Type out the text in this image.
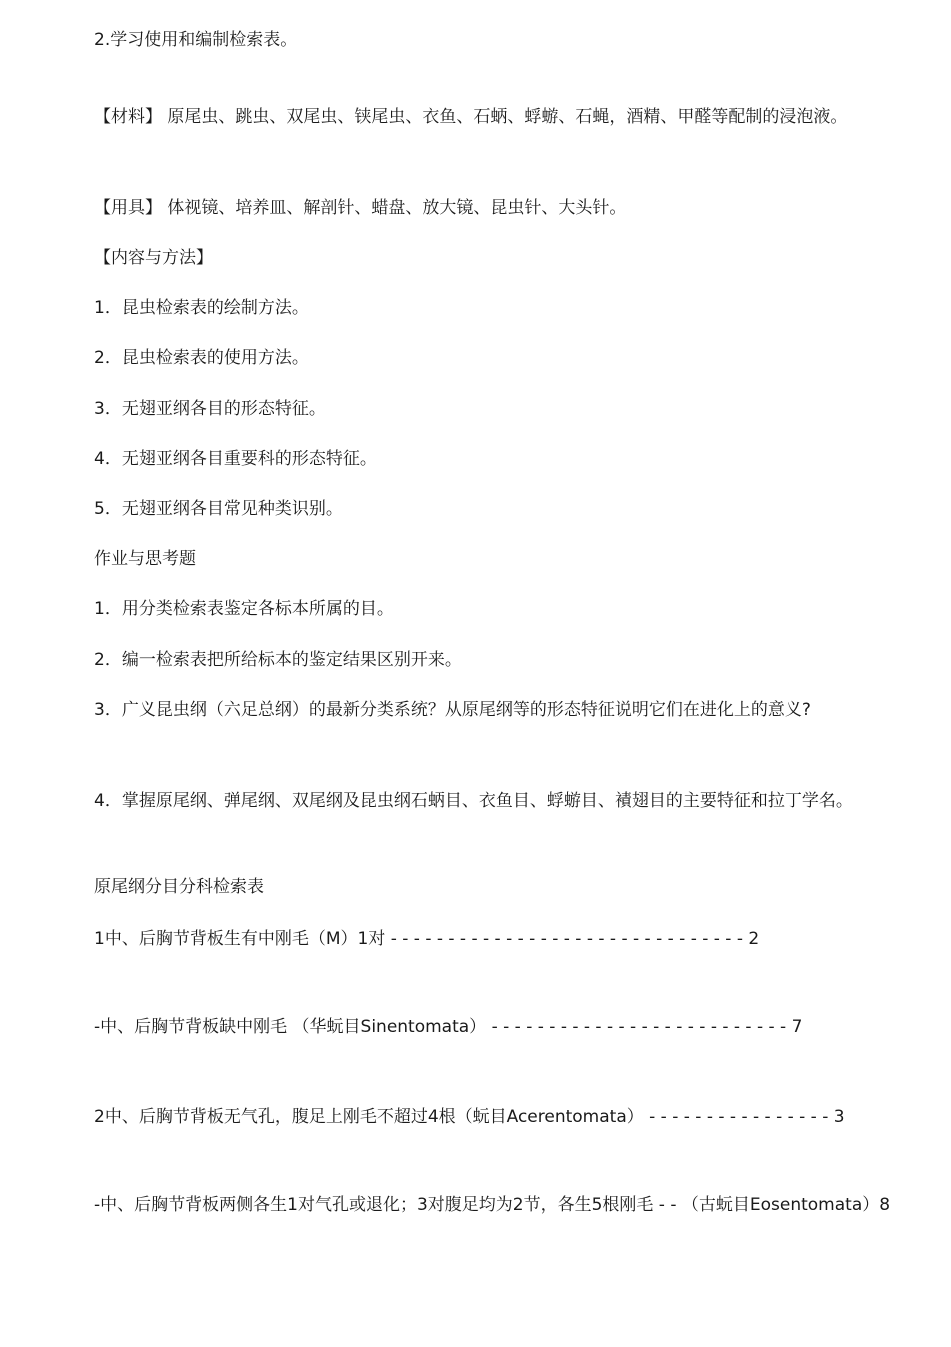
2.学习使用和编制检索表。

【材料】 原尾虫、跳虫、双尾虫、铗尾虫、衣鱼、石蛃、蜉蝣、石蝇，酒精、甲醛等配制的浸泡液。

【用具】 体视镜、培养皿、解剖针、蜡盘、放大镜、昆虫针、大头针。

【内容与方法】

1．昆虫检索表的绘制方法。

2．昆虫检索表的使用方法。

3．无翅亚纲各目的形态特征。

4．无翅亚纲各目重要科的形态特征。

5．无翅亚纲各目常见种类识别。

作业与思考题

1．用分类检索表鉴定各标本所属的目。

2．编一检索表把所给标本的鉴定结果区别开来。

3．广义昆虫纲（六足总纲）的最新分类系统？从原尾纲等的形态特征说明它们在进化上的意义?

4．掌握原尾纲、弹尾纲、双尾纲及昆虫纲石蛃目、衣鱼目、蜉蝣目、襀翅目的主要特征和拉丁学名。

原尾纲分目分科检索表

1中、后胸节背板生有中刚毛（M）1对 - - - - - - - - - - - - - - - - - - - - - - - - - - - - - - - 2

-中、后胸节背板缺中刚毛 （华蚖目Sinentomata） - - - - - - - - - - - - - - - - - - - - - - - - - - 7

2中、后胸节背板无气孔，腹足上刚毛不超过4根（蚖目Acerentomata） - - - - - - - - - - - - - - - - 3

-中、后胸节背板两侧各生1对气孔或退化；3对腹足均为2节，各生5根刚毛 - - （古蚖目Eosentomata）8
